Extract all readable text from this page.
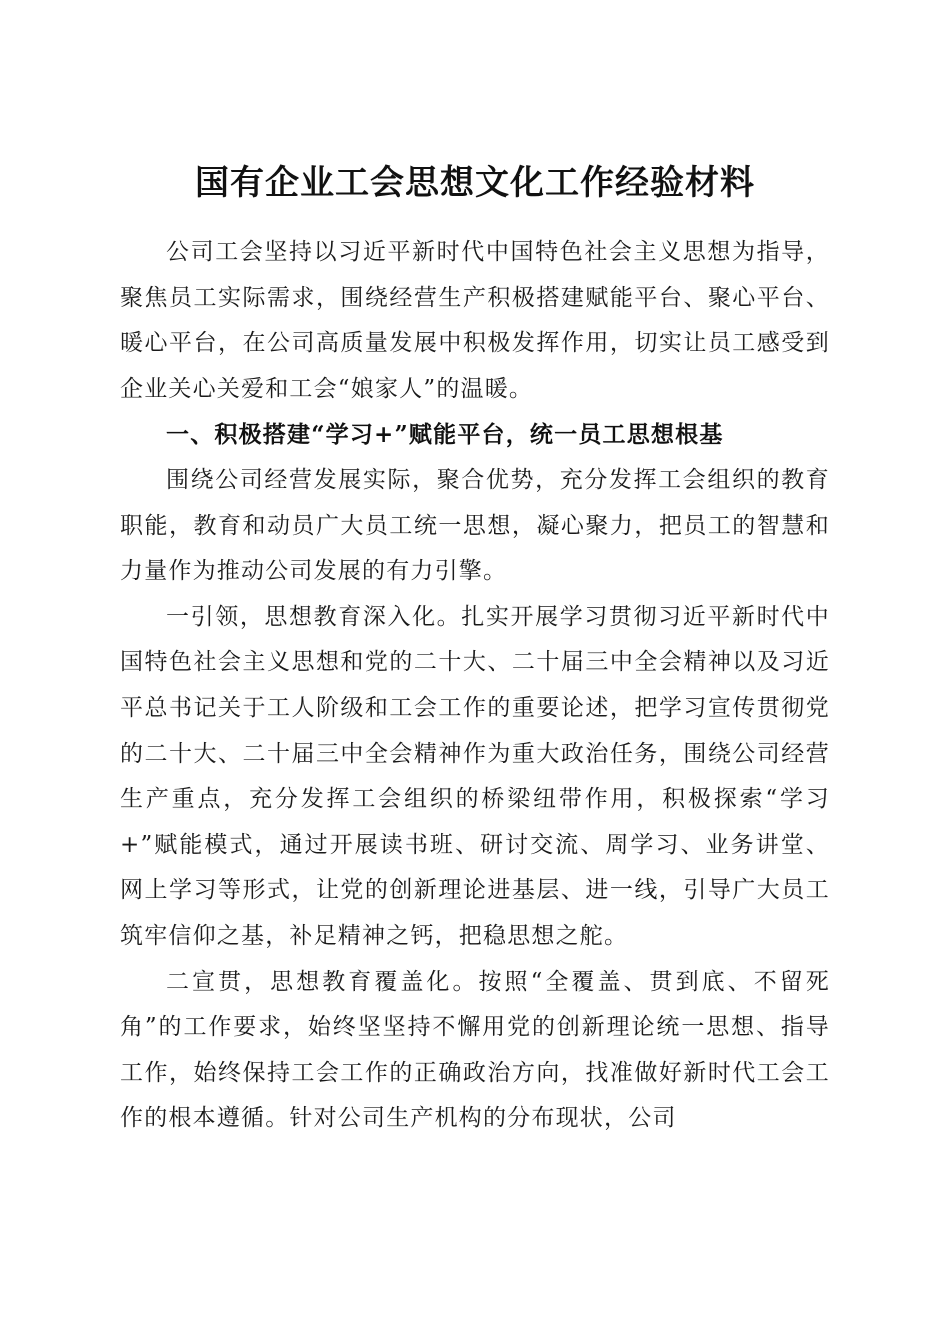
国有企业工会思想文化工作经验材料

公司工会坚持以习近平新时代中国特色社会主义思想为指导，聚焦员工实际需求，围绕经营生产积极搭建赋能平台、聚心平台、暖心平台，在公司高质量发展中积极发挥作用，切实让员工感受到企业关心关爱和工会“娘家人”的温暖。

一、积极搭建“学习+”赋能平台，统一员工思想根基

围绕公司经营发展实际，聚合优势，充分发挥工会组织的教育职能，教育和动员广大员工统一思想，凝心聚力，把员工的智慧和力量作为推动公司发展的有力引擎。

一引领，思想教育深入化。扎实开展学习贯彻习近平新时代中国特色社会主义思想和党的二十大、二十届三中全会精神以及习近平总书记关于工人阶级和工会工作的重要论述，把学习宣传贯彻党的二十大、二十届三中全会精神作为重大政治任务，围绕公司经营生产重点，充分发挥工会组织的桥梁纽带作用，积极探索“学习+”赋能模式，通过开展读书班、研讨交流、周学习、业务讲堂、网上学习等形式，让党的创新理论进基层、进一线，引导广大员工筑牢信仰之基，补足精神之钙，把稳思想之舵。

二宣贯，思想教育覆盖化。按照“全覆盖、贯到底、不留死角”的工作要求，始终坚坚持不懈用党的创新理论统一思想、指导工作，始终保持工会工作的正确政治方向，找准做好新时代工会工作的根本遵循。针对公司生产机构的分布现状，公司
